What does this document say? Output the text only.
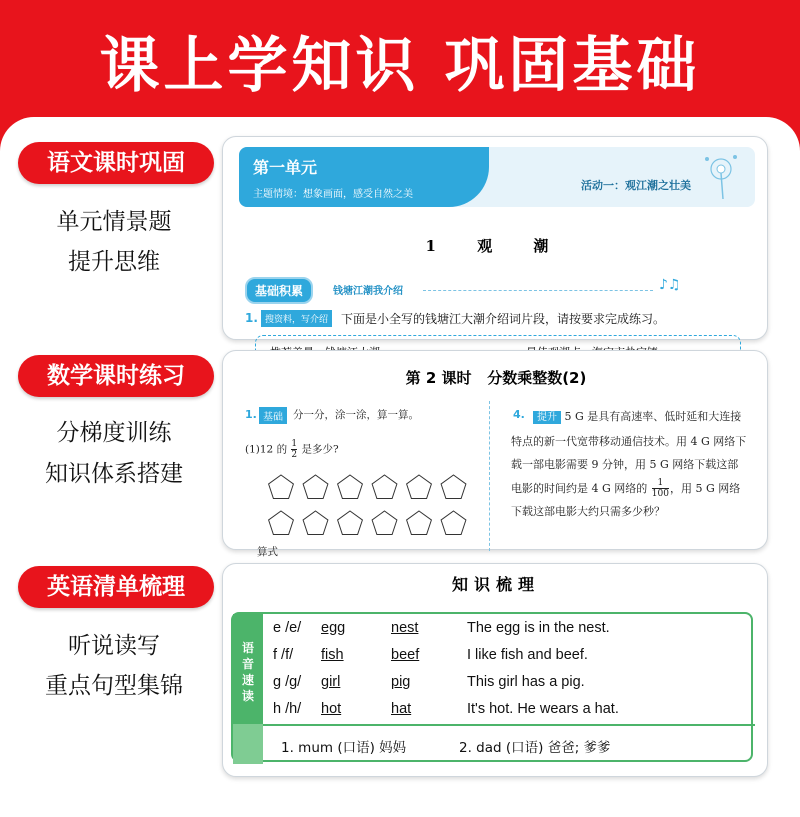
课上学知识 巩固基础
语文课时巩固
单元情景题
提升思维
第一单元
主题情境：想象画面，感受自然之美
活动一：观江潮之壮美
1 观 潮
基础积累	钱塘江潮我介绍	♪♫
1. 搜资料，写介绍	下面是小全写的钱塘江大潮介绍词片段，请按要求完成练习。
数学课时练习
分梯度训练
知识体系搭建
第 2 课时   分数乘整数(2)
1. 基础 分一分，涂一涂，算一算。
(1)12 的 $\frac{1}{2}$ 是多少?
算式
4.	提升 5 G 是具有高速率、低时延和大连接特点的新一代宽带移动通信技术。用 4 G 网络下载一部电影需要 9 分钟，用 5 G 网络下载这部电影的时间约是 4 G 网络的 $\frac{1}{100}$ ，用 5 G 网络下载这部电影大约只需多少秒？
英语清单梳理
听说读写
重点句型集锦
知识梳理
语音速读
e /e/ egg	nest	The egg is in the nest.
f /f/ fish	beef	I like fish and beef.
g /g/ girl	pig	This girl has a pig.
h /h/ hot	hat	It's hot. He wears a hat.
1. mum (口语) 妈妈	2. dad (口语) 爸爸; 爹爹
